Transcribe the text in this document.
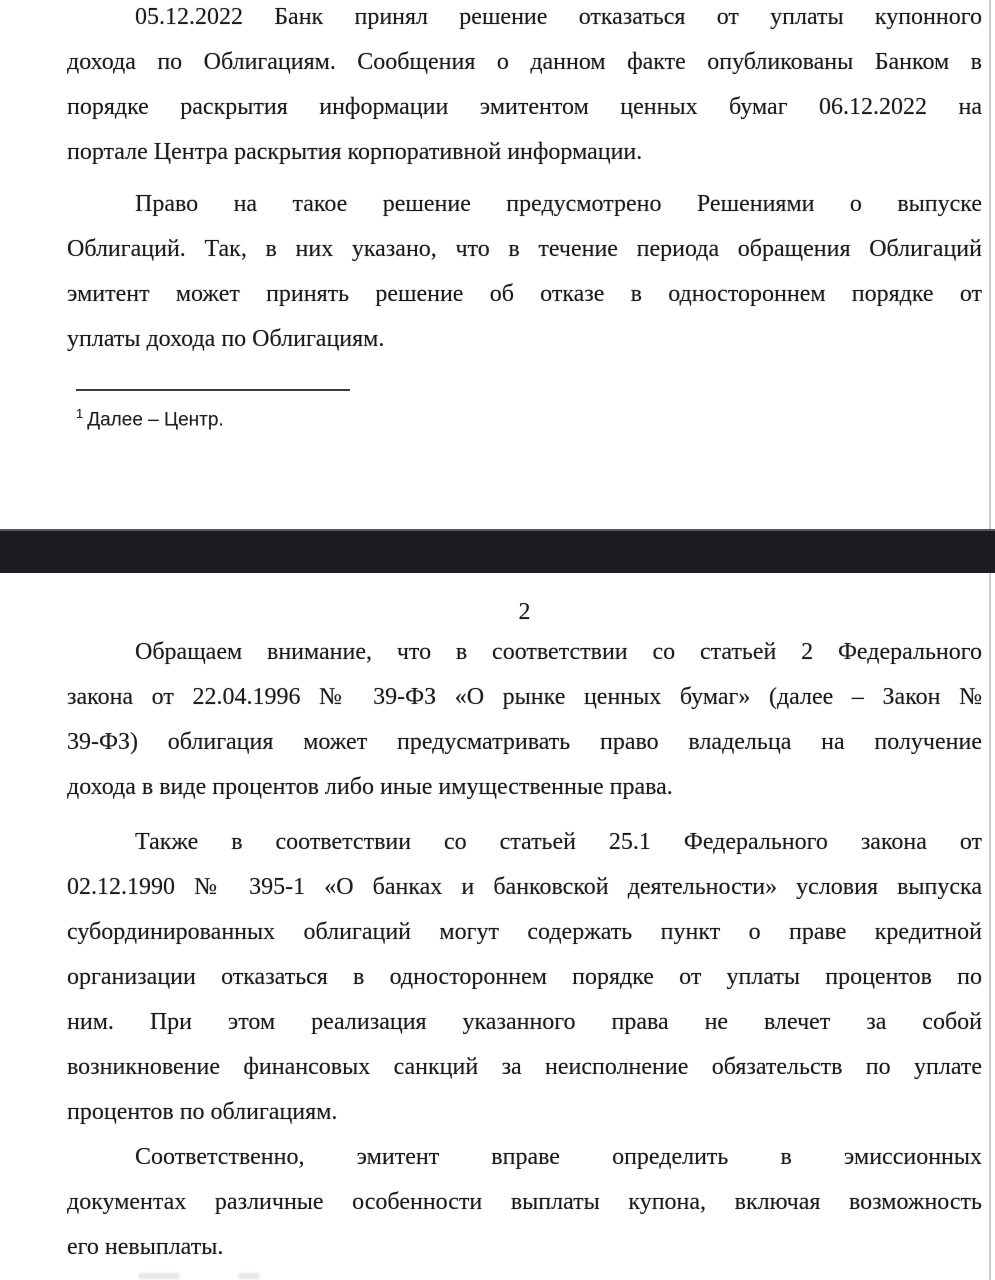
05.12.2022 Банк принял решение отказаться от уплаты купонного
дохода по Облигациям. Сообщения о данном факте опубликованы Банком в
порядке раскрытия информации эмитентом ценных бумаг 06.12.2022 на
портале Центра раскрытия корпоративной информации.
Право на такое решение предусмотрено Решениями о выпуске
Облигаций. Так, в них указано, что в течение периода обращения Облигаций
эмитент может принять решение об отказе в одностороннем порядке от
уплаты дохода по Облигациям.
$^1$ Далее – Центр.
2
Обращаем внимание, что в соответствии со статьей 2 Федерального
закона от 22.04.1996 № 39-ФЗ «О рынке ценных бумаг» (далее – Закон №
39-ФЗ) облигация может предусматривать право владельца на получение
дохода в виде процентов либо иные имущественные права.
Также в соответствии со статьей 25.1 Федерального закона от
02.12.1990 № 395-1 «О банках и банковской деятельности» условия выпуска
субординированных облигаций могут содержать пункт о праве кредитной
организации отказаться в одностороннем порядке от уплаты процентов по
ним. При этом реализация указанного права не влечет за собой
возникновение финансовых санкций за неисполнение обязательств по уплате
процентов по облигациям.
Соответственно, эмитент вправе определить в эмиссионных
документах различные особенности выплаты купона, включая возможность
его невыплаты.
